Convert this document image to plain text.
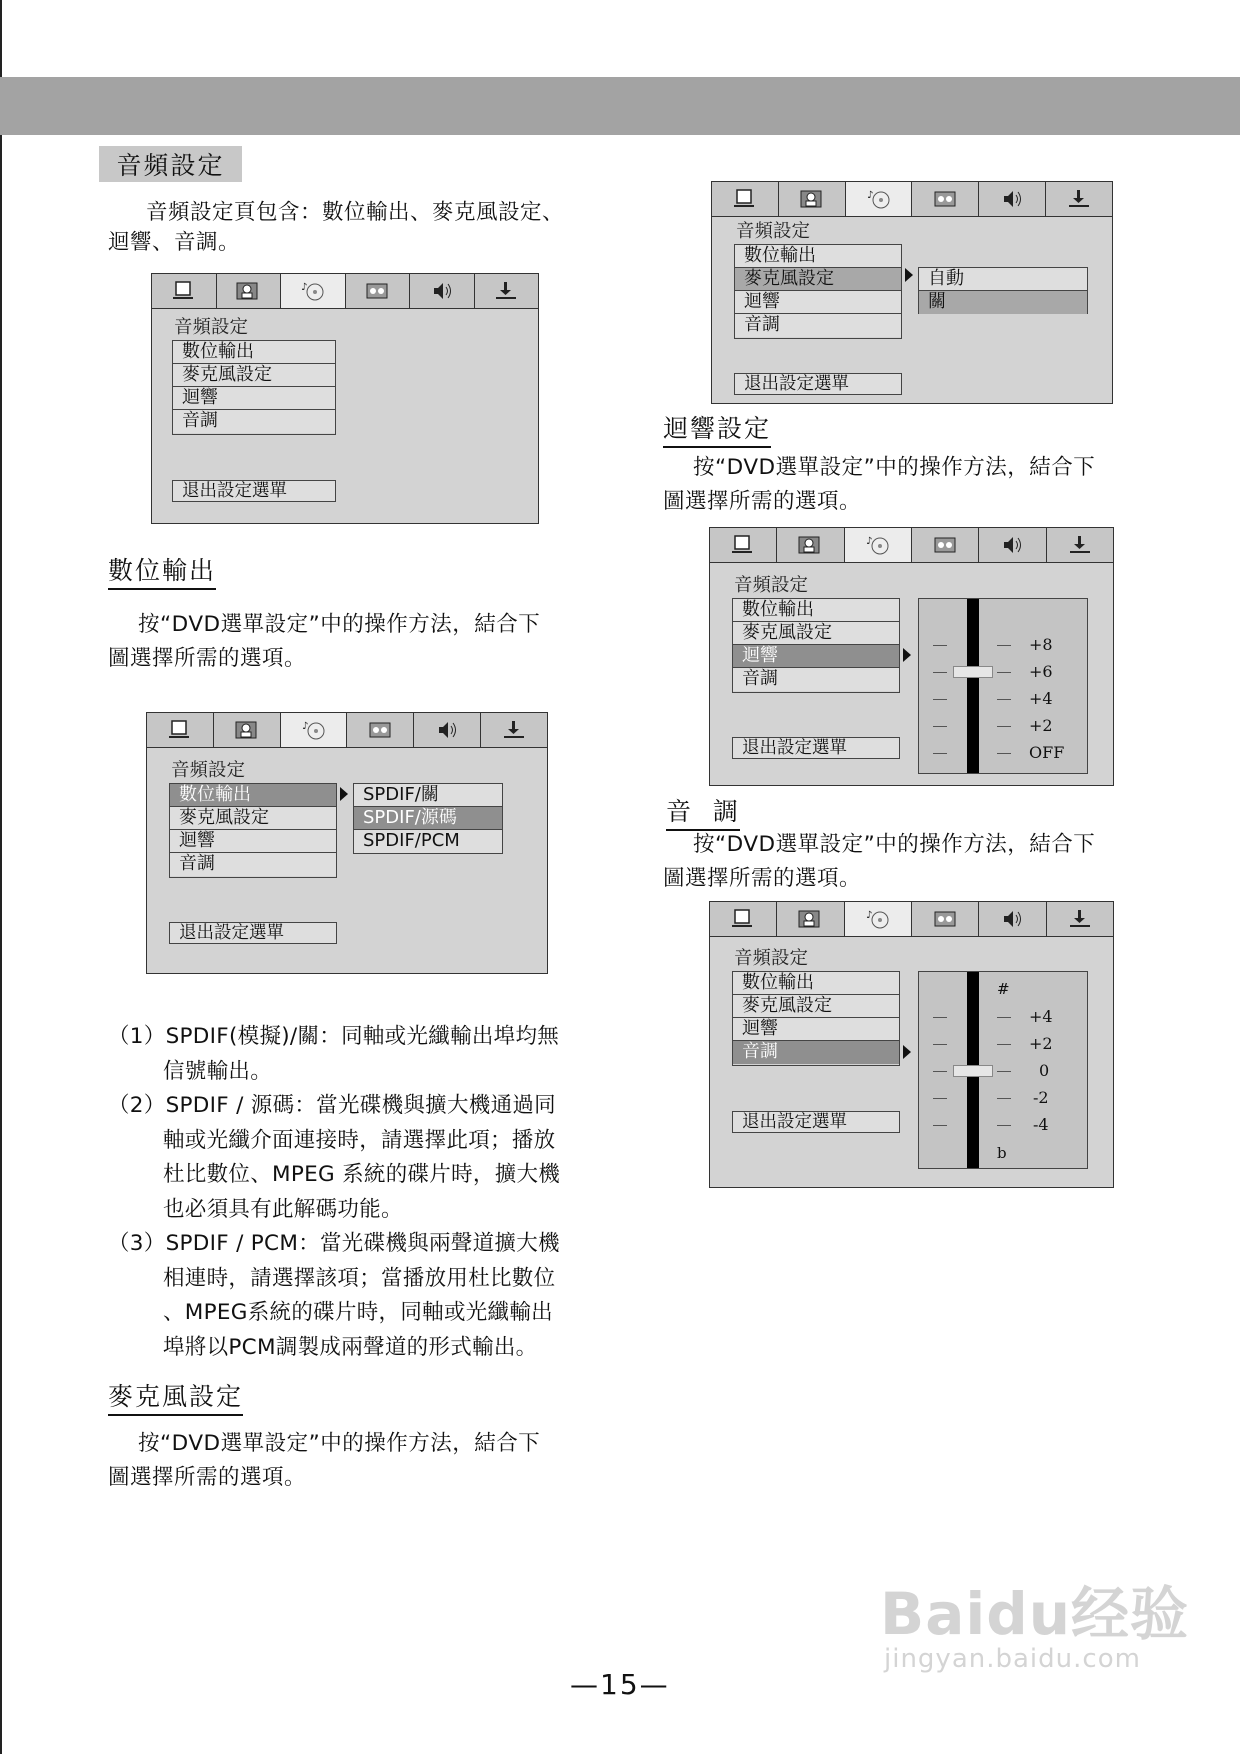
音頻設定

音頻設定頁包含：數位輸出、麥克風設定、

迴響、音調。

♪
音頻設定
數位輸出
麥克風設定
迴響
音調
退出設定選單
數位輸出

按“DVD選單設定”中的操作方法，結合下

圖選擇所需的選項。

♪
音頻設定
數位輸出
麥克風設定
迴響
音調
SPDIF/關
SPDIF/源碼
SPDIF/PCM
退出設定選單

（1）SPDIF(模擬)/關：同軸或光纖輸出埠均無

信號輸出。

（2）SPDIF / 源碼：當光碟機與擴大機通過同

軸或光纖介面連接時，請選擇此項；播放

杜比數位、MPEG 系統的碟片時，擴大機

也必須具有此解碼功能。

（3）SPDIF / PCM：當光碟機與兩聲道擴大機

相連時，請選擇該項；當播放用杜比數位

、MPEG系統的碟片時，同軸或光纖輸出

埠將以PCM調製成兩聲道的形式輸出。

麥克風設定

按“DVD選單設定”中的操作方法，結合下

圖選擇所需的選項。

♪
音頻設定
數位輸出
麥克風設定
迴響
音調
自動
關
退出設定選單
迴響設定

按“DVD選單設定”中的操作方法，結合下

圖選擇所需的選項。

♪
音頻設定
數位輸出
麥克風設定
迴響
音調
退出設定選單
+8
+6
+4
+2
OFF
音  調

按“DVD選單設定”中的操作方法，結合下

圖選擇所需的選項。

♪
音頻設定
數位輸出
麥克風設定
迴響
音調
退出設定選單
#
+4
+2
0
-2
-4
b
—15—
Baidu经验
jingyan.baidu.com
